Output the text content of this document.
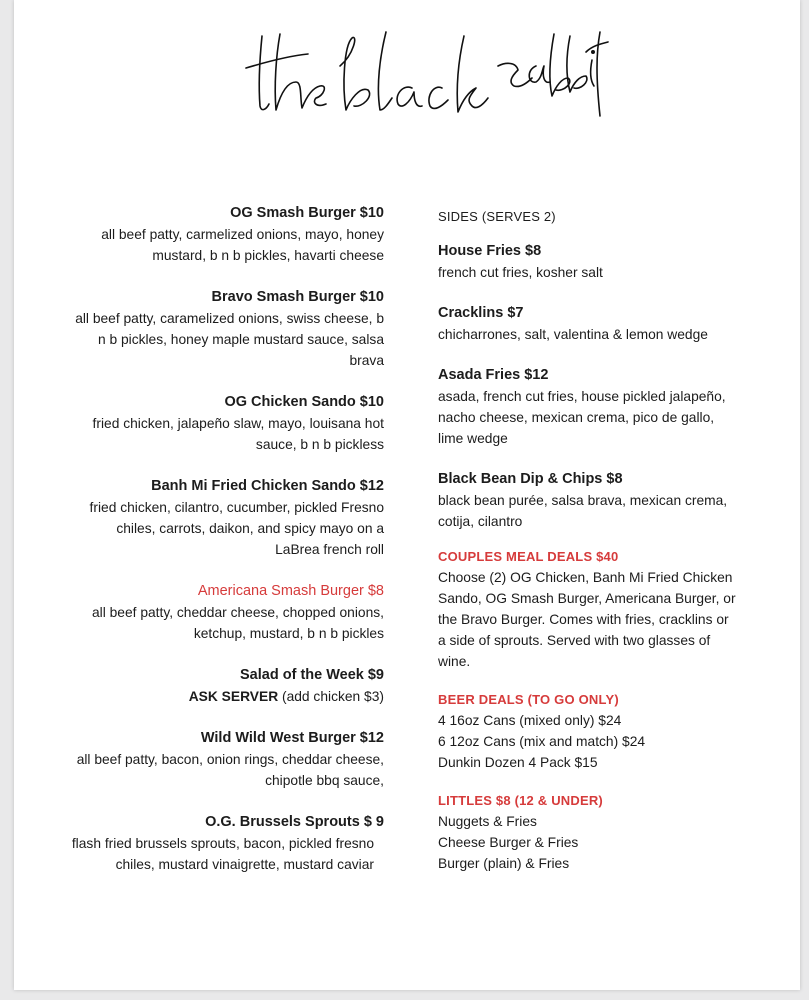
OG Smash Burger $10
all beef patty, carmelized onions, mayo, honey mustard, b n b pickles, havarti cheese
Bravo Smash Burger $10
all beef patty, caramelized onions, swiss cheese, b n b pickles, honey maple mustard sauce, salsa brava
OG Chicken Sando $10
fried chicken, jalapeño slaw, mayo, louisana hot sauce, b n b pickless
Banh Mi Fried Chicken Sando $12
fried chicken, cilantro, cucumber, pickled Fresno chiles, carrots, daikon, and spicy mayo on a LaBrea french roll
Americana Smash Burger $8
all beef patty, cheddar cheese, chopped onions, ketchup, mustard, b n b pickles
Salad of the Week $9
ASK SERVER (add chicken $3)
Wild Wild West Burger $12
all beef patty, bacon, onion rings, cheddar cheese, chipotle bbq sauce,
O.G. Brussels Sprouts $ 9
flash fried brussels sprouts, bacon, pickled fresno chiles, mustard vinaigrette, mustard caviar
SIDES (SERVES 2)
House Fries $8
french cut fries, kosher salt
Cracklins $7
chicharrones, salt, valentina & lemon wedge
Asada Fries $12
asada, french cut fries, house pickled jalapeño, nacho cheese, mexican crema, pico de gallo, lime wedge
Black Bean Dip & Chips $8
black bean purée, salsa brava, mexican crema, cotija, cilantro
COUPLES MEAL DEALS $40
Choose (2) OG Chicken, Banh Mi Fried Chicken Sando, OG Smash Burger, Americana Burger, or the Bravo Burger. Comes with fries, cracklins or a side of sprouts. Served with two glasses of wine.
BEER DEALS (TO GO ONLY)
4 16oz Cans (mixed only) $24
6 12oz Cans (mix and match) $24
Dunkin Dozen 4 Pack $15
LITTLES $8 (12 & UNDER)
Nuggets & Fries
Cheese Burger & Fries
Burger (plain) & Fries
